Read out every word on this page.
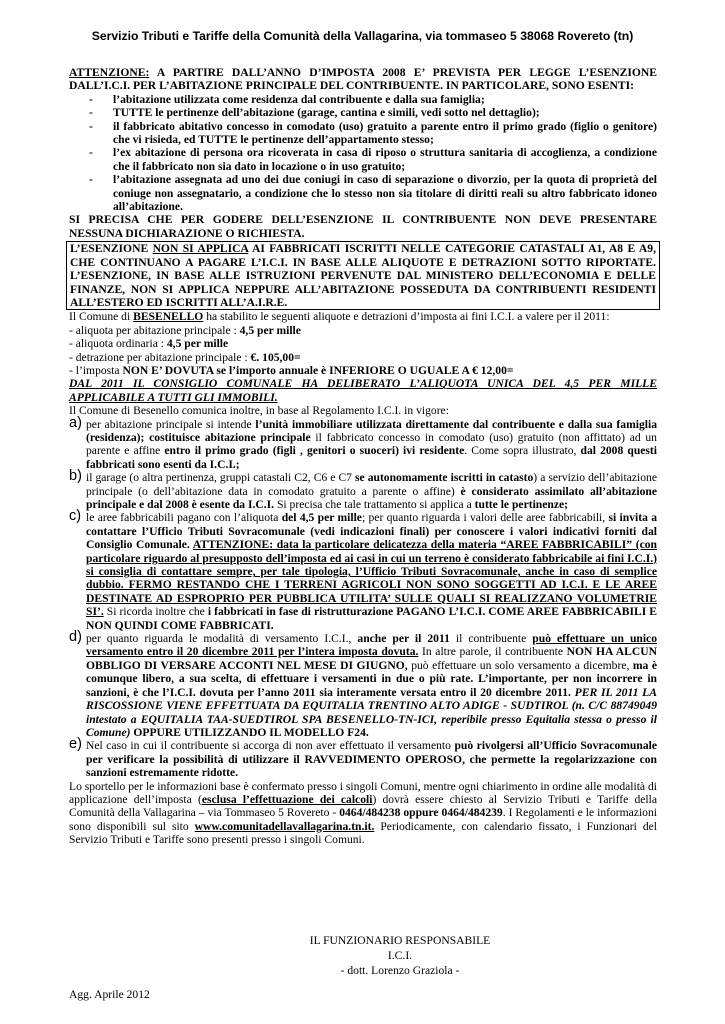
Servizio Tributi e Tariffe della Comunità della Vallagarina, via tommaseo 5 38068 Rovereto (tn)

ATTENZIONE: A PARTIRE DALL’ANNO D’IMPOSTA 2008 E’ PREVISTA PER LEGGE L’ESENZIONE DALL’I.C.I. PER L’ABITAZIONE PRINCIPALE DEL CONTRIBUENTE. IN PARTICOLARE, SONO ESENTI:

- l’abitazione utilizzata come residenza dal contribuente e dalla sua famiglia;
- TUTTE le pertinenze dell’abitazione (garage, cantina e simili, vedi sotto nel dettaglio);
- il fabbricato abitativo concesso in comodato (uso) gratuito a parente entro il primo grado (figlio o genitore) che vi risieda, ed TUTTE le pertinenze dell’appartamento stesso;
- l’ex abitazione di persona ora ricoverata in casa di riposo o struttura sanitaria di accoglienza, a condizione che il fabbricato non sia dato in locazione o in uso gratuito;
- l’abitazione assegnata ad uno dei due coniugi in caso di separazione o divorzio, per la quota di proprietà del coniuge non assegnatario, a condizione che lo stesso non sia titolare di diritti reali su altro fabbricato idoneo all’abitazione.

SI PRECISA CHE PER GODERE DELL’ESENZIONE IL CONTRIBUENTE NON DEVE PRESENTARE NESSUNA DICHIARAZIONE O RICHIESTA.

L’ESENZIONE NON SI APPLICA AI FABBRICATI ISCRITTI NELLE CATEGORIE CATASTALI A1, A8 E A9, CHE CONTINUANO A PAGARE L’I.C.I. IN BASE ALLE ALIQUOTE E DETRAZIONI SOTTO RIPORTATE. L’ESENZIONE, IN BASE ALLE ISTRUZIONI PERVENUTE DAL MINISTERO DELL’ECONOMIA E DELLE FINANZE, NON SI APPLICA NEPPURE ALL’ABITAZIONE POSSEDUTA DA CONTRIBUENTI RESIDENTI ALL’ESTERO ED ISCRITTI ALL’A.I.R.E.

Il Comune di BESENELLO ha stabilito le seguenti aliquote e detrazioni d’imposta ai fini I.C.I. a valere per il 2011:

- aliquota per abitazione principale : 4,5 per mille

- aliquota ordinaria : 4,5 per mille

- detrazione per abitazione principale : €. 105,00=

- l’imposta NON E’ DOVUTA se l’importo annuale è INFERIORE O UGUALE A € 12,00=

DAL 2011 IL CONSIGLIO COMUNALE HA DELIBERATO L’ALIQUOTA UNICA DEL 4,5 PER MILLE APPLICABILE A TUTTI GLI IMMOBILI.

Il Comune di Besenello comunica inoltre, in base al Regolamento I.C.I. in vigore:

a) per abitazione principale si intende l’unità immobiliare utilizzata direttamente dal contribuente e dalla sua famiglia (residenza); costituisce abitazione principale il fabbricato concesso in comodato (uso) gratuito (non affittato) ad un parente e affine entro il primo grado (figli , genitori o suoceri) ivi residente. Come sopra illustrato, dal 2008 questi fabbricati sono esenti da I.C.I.;
b) il garage (o altra pertinenza, gruppi catastali C2, C6 e C7 se autonomamente iscritti in catasto) a servizio dell’abitazione principale (o dell’abitazione data in comodato gratuito a parente o affine) è considerato assimilato all’abitazione principale e dal 2008 è esente da I.C.I. Si precisa che tale trattamento si applica a tutte le pertinenze;
c) le aree fabbricabili pagano con l’aliquota del 4,5 per mille; per quanto riguarda i valori delle aree fabbricabili, si invita a contattare l’Ufficio Tributi Sovracomunale (vedi indicazioni finali) per conoscere i valori indicativi forniti dal Consiglio Comunale. ATTENZIONE: data la particolare delicatezza della materia “AREE FABBRICABILI” (con particolare riguardo al presupposto dell’imposta ed ai casi in cui un terreno è considerato fabbricabile ai fini I.C.I.) si consiglia di contattare sempre, per tale tipologia, l’Ufficio Tributi Sovracomunale, anche in caso di semplice dubbio. FERMO RESTANDO CHE I TERRENI AGRICOLI NON SONO SOGGETTI AD I.C.I. E LE AREE DESTINATE AD ESPROPRIO PER PUBBLICA UTILITA’ SULLE QUALI SI REALIZZANO VOLUMETRIE SI’. Si ricorda inoltre che i fabbricati in fase di ristrutturazione PAGANO L’I.C.I. COME AREE FABBRICABILI E NON QUINDI COME FABBRICATI.
d) per quanto riguarda le modalità di versamento I.C.I., anche per il 2011 il contribuente può effettuare un unico versamento entro il 20 dicembre 2011 per l’intera imposta dovuta. In altre parole, il contribuente NON HA ALCUN OBBLIGO DI VERSARE ACCONTI NEL MESE DI GIUGNO, può effettuare un solo versamento a dicembre, ma è comunque libero, a sua scelta, di effettuare i versamenti in due o più rate. L’importante, per non incorrere in sanzioni, è che l’I.C.I. dovuta per l’anno 2011 sia interamente versata entro il 20 dicembre 2011. PER IL 2011 LA RISCOSSIONE VIENE EFFETTUATA DA EQUITALIA TRENTINO ALTO ADIGE - SUDTIROL (n. C/C 88749049 intestato a EQUITALIA TAA-SUEDTIROL SPA BESENELLO-TN-ICI, reperibile presso Equitalia stessa o presso il Comune) OPPURE UTILIZZANDO IL MODELLO F24.
e) Nel caso in cui il contribuente si accorga di non aver effettuato il versamento può rivolgersi all’Ufficio Sovracomunale per verificare la possibilità di utilizzare il RAVVEDIMENTO OPEROSO, che permette la regolarizzazione con sanzioni estremamente ridotte.

Lo sportello per le informazioni base è confermato presso i singoli Comuni, mentre ogni chiarimento in ordine alle modalità di applicazione dell’imposta (esclusa l’effettuazione dei calcoli) dovrà essere chiesto al Servizio Tributi e Tariffe della Comunità della Vallagarina – via Tommaseo 5 Rovereto - 0464/484238 oppure 0464/484239. I Regolamenti e le informazioni sono disponibili sul sito www.comunitadellavallagarina.tn.it. Periodicamente, con calendario fissato, i Funzionari del Servizio Tributi e Tariffe sono presenti presso i singoli Comuni.

IL FUNZIONARIO RESPONSABILE I.C.I.
- dott. Lorenzo Graziola -
Agg. Aprile 2012
